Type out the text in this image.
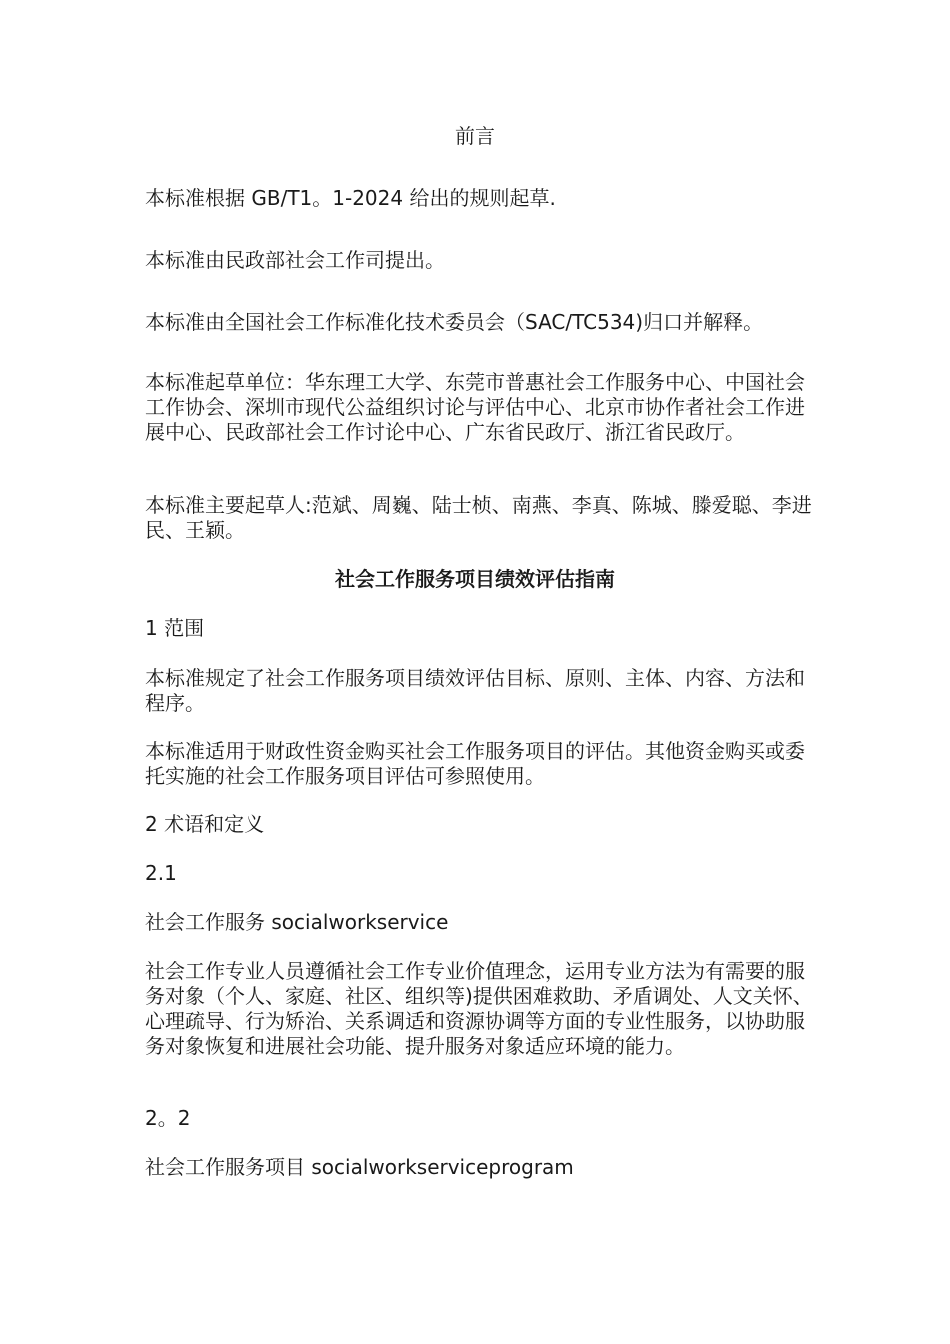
前言
本标准根据 GB/T1。1-2024 给出的规则起草.
本标准由民政部社会工作司提出。
本标准由全国社会工作标准化技术委员会（SAC/TC534)归口并解释。
本标准起草单位：华东理工大学、东莞市普惠社会工作服务中心、中国社会工作协会、深圳市现代公益组织讨论与评估中心、北京市协作者社会工作进展中心、民政部社会工作讨论中心、广东省民政厅、浙江省民政厅。
本标准主要起草人:范斌、周巍、陆士桢、南燕、李真、陈城、滕爱聪、李进民、王颖。
社会工作服务项目绩效评估指南
1 范围
本标准规定了社会工作服务项目绩效评估目标、原则、主体、内容、方法和程序。
本标准适用于财政性资金购买社会工作服务项目的评估。其他资金购买或委托实施的社会工作服务项目评估可参照使用。
2 术语和定义
2.1
社会工作服务 socialworkservice
社会工作专业人员遵循社会工作专业价值理念，运用专业方法为有需要的服务对象（个人、家庭、社区、组织等)提供困难救助、矛盾调处、人文关怀、心理疏导、行为矫治、关系调适和资源协调等方面的专业性服务，以协助服务对象恢复和进展社会功能、提升服务对象适应环境的能力。
2。2
社会工作服务项目 socialworkserviceprogram
